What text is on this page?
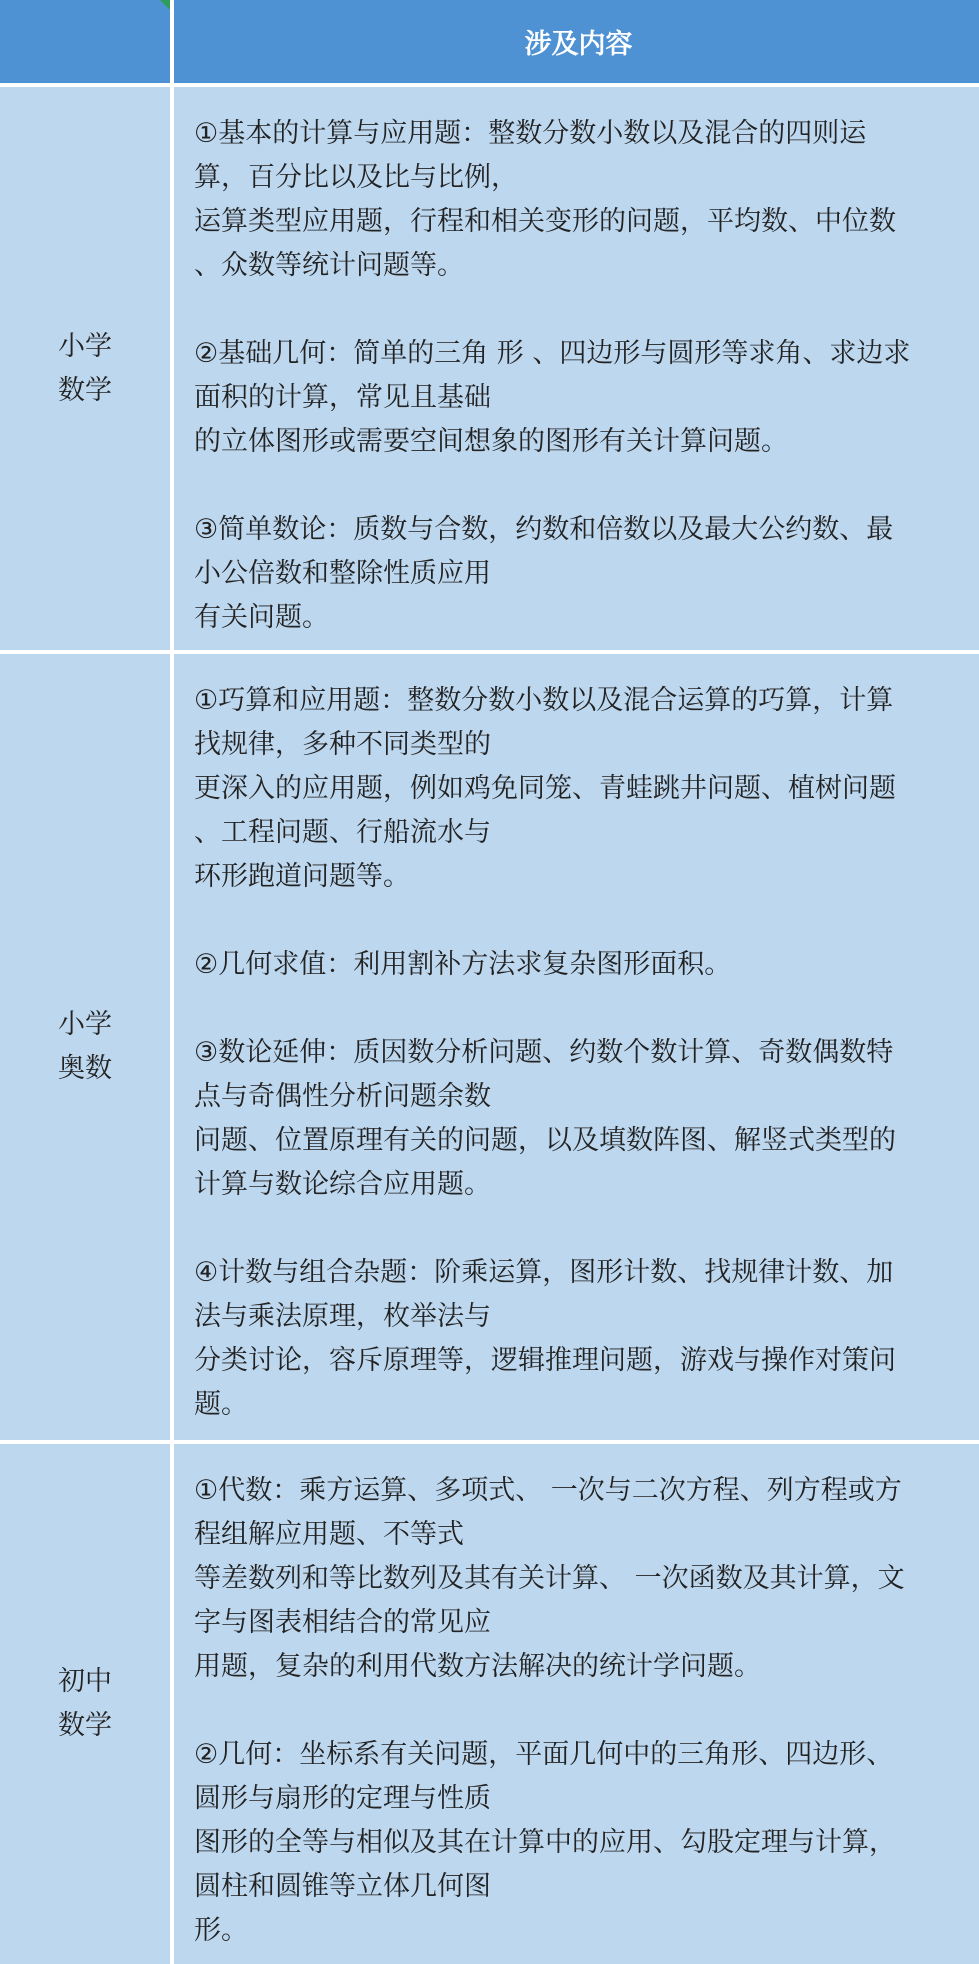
涉及内容
小学
数学
①基本的计算与应用题：整数分数小数以及混合的四则运
算，百分比以及比与比例，
运算类型应用题，行程和相关变形的问题，平均数、中位数
、众数等统计问题等。
②基础几何：简单的三角 形 、四边形与圆形等求角、求边求
面积的计算，常见且基础
的立体图形或需要空间想象的图形有关计算问题。
③简单数论：质数与合数，约数和倍数以及最大公约数、最
小公倍数和整除性质应用
有关问题。
小学
奥数
①巧算和应用题：整数分数小数以及混合运算的巧算，计算
找规律，多种不同类型的
更深入的应用题，例如鸡免同笼、青蛙跳井问题、植树问题
、工程问题、行船流水与
环形跑道问题等。
②几何求值：利用割补方法求复杂图形面积。
③数论延伸：质因数分析问题、约数个数计算、奇数偶数特
点与奇偶性分析问题余数
问题、位置原理有关的问题，以及填数阵图、解竖式类型的
计算与数论综合应用题。
④计数与组合杂题：阶乘运算，图形计数、找规律计数、加
法与乘法原理，枚举法与
分类讨论，容斥原理等，逻辑推理问题，游戏与操作对策问
题。
初中
数学
①代数：乘方运算、多项式、 一次与二次方程、列方程或方
程组解应用题、不等式
等差数列和等比数列及其有关计算、 一次函数及其计算，文
字与图表相结合的常见应
用题，复杂的利用代数方法解决的统计学问题。
②几何：坐标系有关问题，平面几何中的三角形、四边形、
圆形与扇形的定理与性质
图形的全等与相似及其在计算中的应用、勾股定理与计算，
圆柱和圆锥等立体几何图
形。
